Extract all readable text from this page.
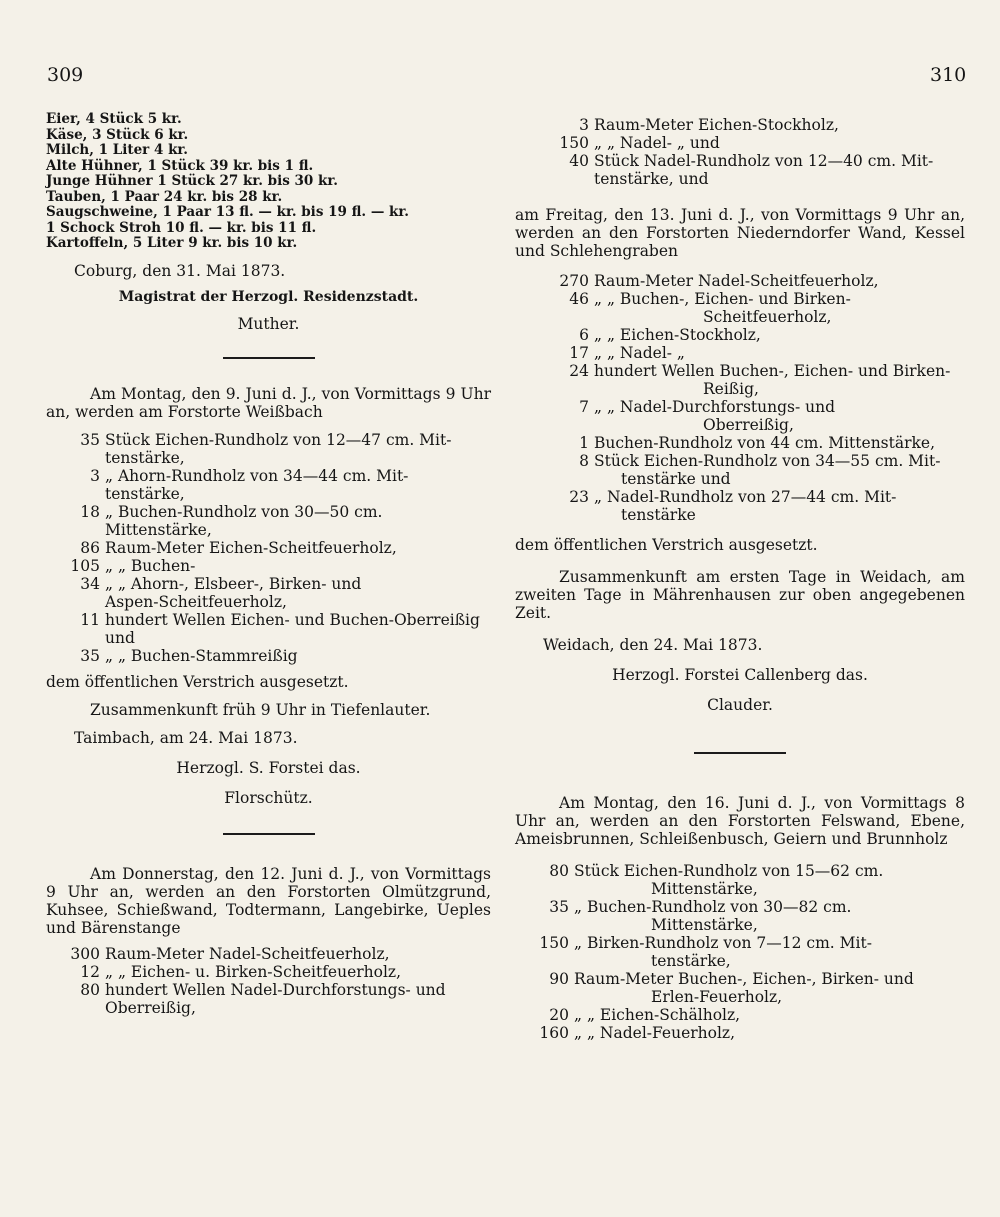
309	310
Eier, 4 Stück 5 kr.
Käse, 3 Stück 6 kr.
Milch, 1 Liter 4 kr.
Alte Hühner, 1 Stück 39 kr. bis 1 fl.
Junge Hühner 1 Stück 27 kr. bis 30 kr.
Tauben, 1 Paar 24 kr. bis 28 kr.
Saugschweine, 1 Paar 13 fl. — kr. bis 19 fl. — kr.
1 Schock Stroh 10 fl. — kr. bis 11 fl.
Kartoffeln, 5 Liter 9 kr. bis 10 kr.
Coburg, den 31. Mai 1873.
Magistrat der Herzogl. Residenzstadt.
Muther.

Am Montag, den 9. Juni d. J., von Vormittags 9 Uhr an, werden am Forstorte Weißbach

35 Stück Eichen-Rundholz von 12—47 cm. Mit-
tenstärke,
3 „ Ahorn-Rundholz von 34—44 cm. Mit-
tenstärke,
18 „ Buchen-Rundholz von 30—50 cm.
Mittenstärke,
86 Raum-Meter Eichen-Scheitfeuerholz,
105 „ „ Buchen-
34 „ „ Ahorn-, Elsbeer-, Birken- und
Aspen-Scheitfeuerholz,
11 hundert Wellen Eichen- und Buchen-Oberreißig
und
35 „ „ Buchen-Stammreißig
dem öffentlichen Verstrich ausgesetzt.
Zusammenkunft früh 9 Uhr in Tiefenlauter.
Taimbach, am 24. Mai 1873.
Herzogl. S. Forstei das.
Florschütz.

Am Donnerstag, den 12. Juni d. J., von Vormittags 9 Uhr an, werden an den Forstorten Olmützgrund, Kuhsee, Schießwand, Todtermann, Langebirke, Ueples und Bärenstange

300 Raum-Meter Nadel-Scheitfeuerholz,
12 „ „ Eichen- u. Birken-Scheitfeuerholz,
80 hundert Wellen Nadel-Durchforstungs- und
Oberreißig,
3 Raum-Meter Eichen-Stockholz,
150 „ „ Nadel- „ und
40 Stück Nadel-Rundholz von 12—40 cm. Mit-
tenstärke, und

am Freitag, den 13. Juni d. J., von Vormittags 9 Uhr an, werden an den Forstorten Niederndorfer Wand, Kessel und Schlehengraben

270 Raum-Meter Nadel-Scheitfeuerholz,
46 „ „ Buchen-, Eichen- und Birken-
Scheitfeuerholz,
6 „ „ Eichen-Stockholz,
17 „ „ Nadel- „
24 hundert Wellen Buchen-, Eichen- und Birken-
Reißig,
7 „ „ Nadel-Durchforstungs- und
Oberreißig,
1 Buchen-Rundholz von 44 cm. Mittenstärke,
8 Stück Eichen-Rundholz von 34—55 cm. Mit-
tenstärke und
23 „ Nadel-Rundholz von 27—44 cm. Mit-
tenstärke
dem öffentlichen Verstrich ausgesetzt.

Zusammenkunft am ersten Tage in Weidach, am zweiten Tage in Mährenhausen zur oben angegebenen Zeit.

Weidach, den 24. Mai 1873.
Herzogl. Forstei Callenberg das.
Clauder.

Am Montag, den 16. Juni d. J., von Vormittags 8 Uhr an, werden an den Forstorten Felswand, Ebene, Ameisbrunnen, Schleißenbusch, Geiern und Brunnholz

80 Stück Eichen-Rundholz von 15—62 cm.
Mittenstärke,
35 „ Buchen-Rundholz von 30—82 cm.
Mittenstärke,
150 „ Birken-Rundholz von 7—12 cm. Mit-
tenstärke,
90 Raum-Meter Buchen-, Eichen-, Birken- und
Erlen-Feuerholz,
20 „ „ Eichen-Schälholz,
160 „ „ Nadel-Feuerholz,
